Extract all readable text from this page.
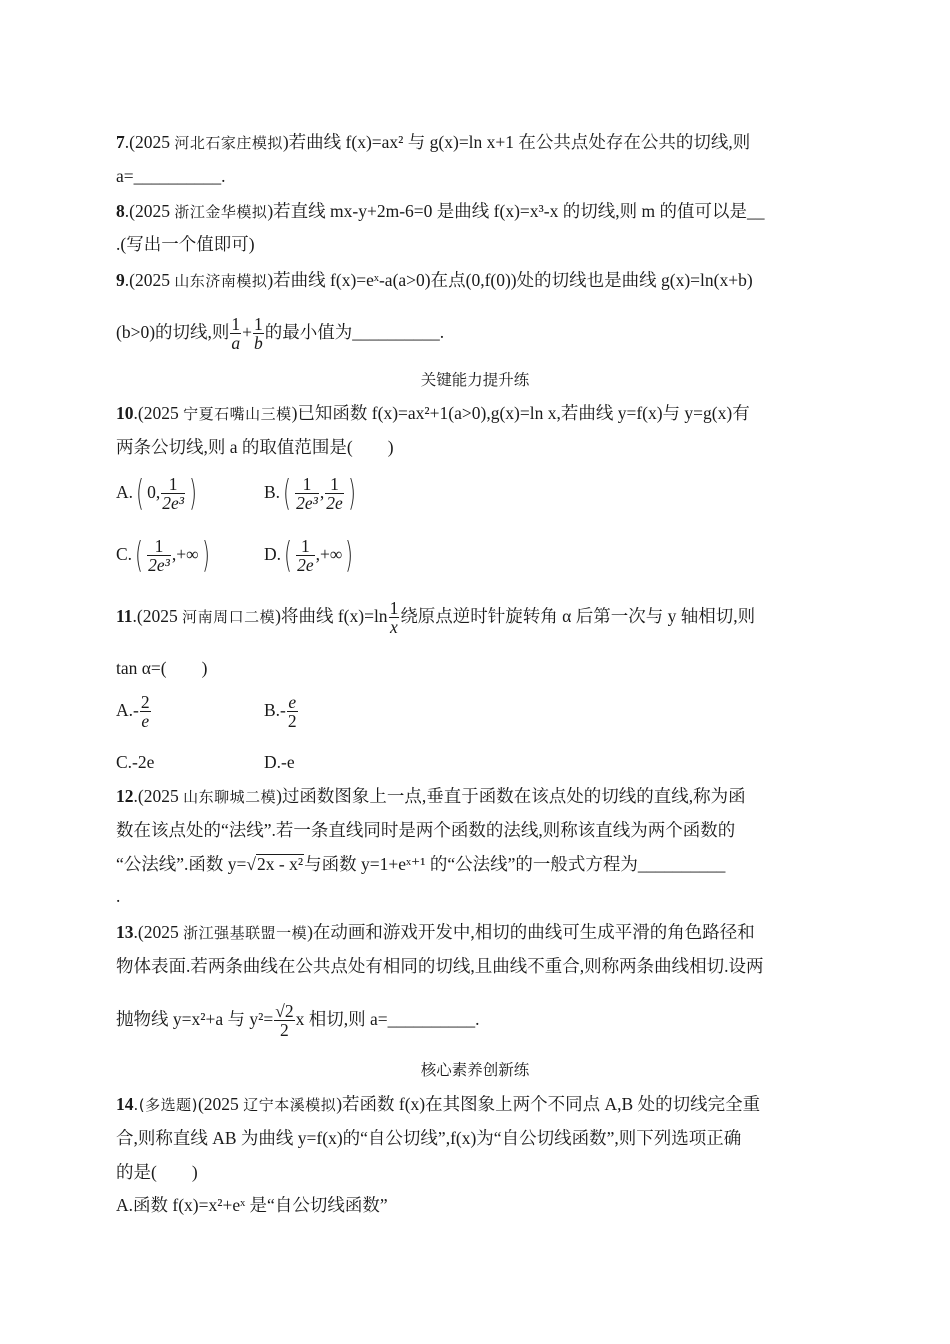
7.(2025 河北石家庄模拟)若曲线 f(x)=ax² 与 g(x)=ln x+1 在公共点处存在公共的切线,则
a=__________.
8.(2025 浙江金华模拟)若直线 mx-y+2m-6=0 是曲线 f(x)=x³-x 的切线,则 m 的值可以是__
.(写出一个值即可)
9.(2025 山东济南模拟)若曲线 f(x)=eˣ-a(a>0)在点(0,f(0))处的切线也是曲线 g(x)=ln(x+b)
(b>0)的切线,则 $\frac{1}{a} + \frac{1}{b}$ 的最小值为__________.
关键能力提升练
10.(2025 宁夏石嘴山三模)已知函数 f(x)=ax²+1(a>0),g(x)=ln x,若曲线 y=f(x)与 y=g(x)有
两条公切线,则 a 的取值范围是(　　)
A.( 0, $\frac{1}{\text{2e³}}$ )	$B.( \frac{1}{\text{2e³}}$ , $\frac{1}{2e}$ )
$C.( \frac{1}{\text{2e³}}$ ,+∞)	$D.( \frac{1}{2e}$ ,+∞)
11.(2025 河南周口二模)将曲线 $f(x)=\ln \frac{1}{x}$ 绕原点逆时针旋转角 α 后第一次与 y 轴相切,则
tan α=(　　)
$A.- \frac{2}{e}$	$B.- \frac{e}{2}$
C.-2e	D.-e
12.(2025 山东聊城二模)过函数图象上一点,垂直于函数在该点处的切线的直线,称为函
数在该点处的“法线”.若一条直线同时是两个函数的法线,则称该直线为两个函数的
“公法线”.函数 y=√2x - x²与函数 y=1+eˣ⁺¹ 的“公法线”的一般式方程为__________
.
13.(2025 浙江强基联盟一模)在动画和游戏开发中,相切的曲线可生成平滑的角色路径和
物体表面.若两条曲线在公共点处有相同的切线,且曲线不重合,则称两条曲线相切.设两
抛物线 y=x²+a 与 $y^2= \frac{√2}{2}$ x 相切,则 a=__________.
核心素养创新练
14.(多选题)(2025 辽宁本溪模拟)若函数 f(x)在其图象上两个不同点 A,B 处的切线完全重
合,则称直线 AB 为曲线 y=f(x)的“自公切线”,f(x)为“自公切线函数”,则下列选项正确
的是(　　)
A.函数 f(x)=x²+eˣ 是“自公切线函数”
